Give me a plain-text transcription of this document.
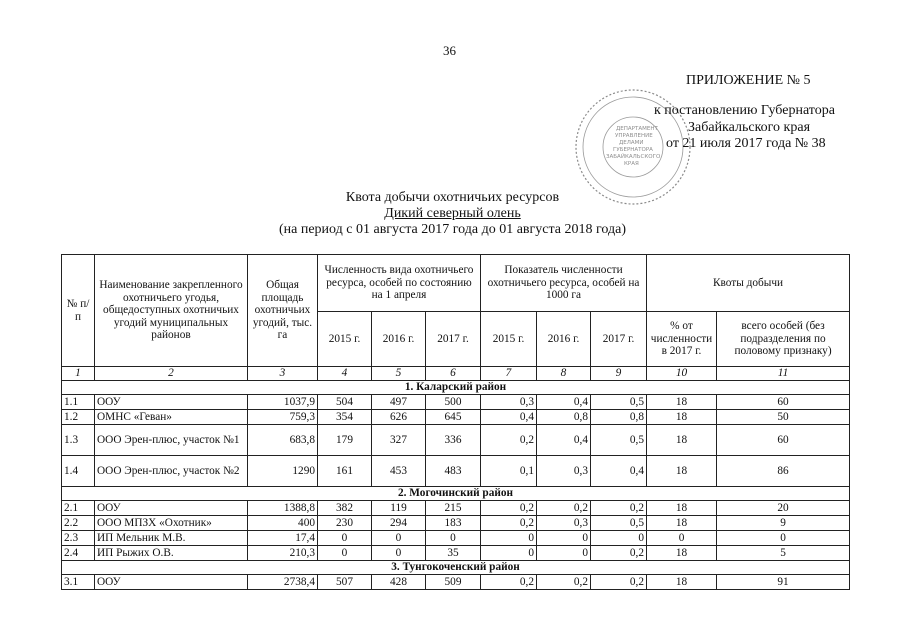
36
ДЕПАРТАМЕНТ
УПРАВЛЕНИЕ
ДЕЛАМИ
ГУБЕРНАТОРА
ЗАБАЙКАЛЬСКОГО
КРАЯ
ПРИЛОЖЕНИЕ № 5
к постановлению Губернатора
Забайкальского края
от 21 июля 2017 года № 38
Квота добычи охотничьих ресурсов
Дикий северный олень
(на период с 01 августа 2017 года до 01 августа 2018 года)
№ п/п	Наименование закрепленного охотничьего угодья, общедоступных охотничьих угодий муниципальных районов	Общая площадь охотничьих угодий, тыс. га	Численность вида охотничьего ресурса, особей по состоянию на 1 апреля			Показатель численности охотничьего ресурса, особей на 1000 га			Квоты добычи	
			2015 г.	2016 г.	2017 г.	2015 г.	2016 г.	2017 г.	% от численности в 2017 г.	всего особей (без подразделения по половому признаку)
1	2	3	4	5	6	7	8	9	10	11
1. Каларский район										
1.1	ООУ	1037,9	504	497	500	0,3	0,4	0,5	18	60
1.2	ОМНС «Геван»	759,3	354	626	645	0,4	0,8	0,8	18	50
1.3	ООО Эрен-плюс, участок №1	683,8	179	327	336	0,2	0,4	0,5	18	60
1.4	ООО Эрен-плюс, участок №2	1290	161	453	483	0,1	0,3	0,4	18	86
2. Могочинский район										
2.1	ООУ	1388,8	382	119	215	0,2	0,2	0,2	18	20
2.2	ООО МПЗХ «Охотник»	400	230	294	183	0,2	0,3	0,5	18	9
2.3	ИП Мельник М.В.	17,4	0	0	0	0	0	0	0	0
2.4	ИП Рыжих О.В.	210,3	0	0	35	0	0	0,2	18	5
3. Тунгокоченский район										
3.1	ООУ	2738,4	507	428	509	0,2	0,2	0,2	18	91
